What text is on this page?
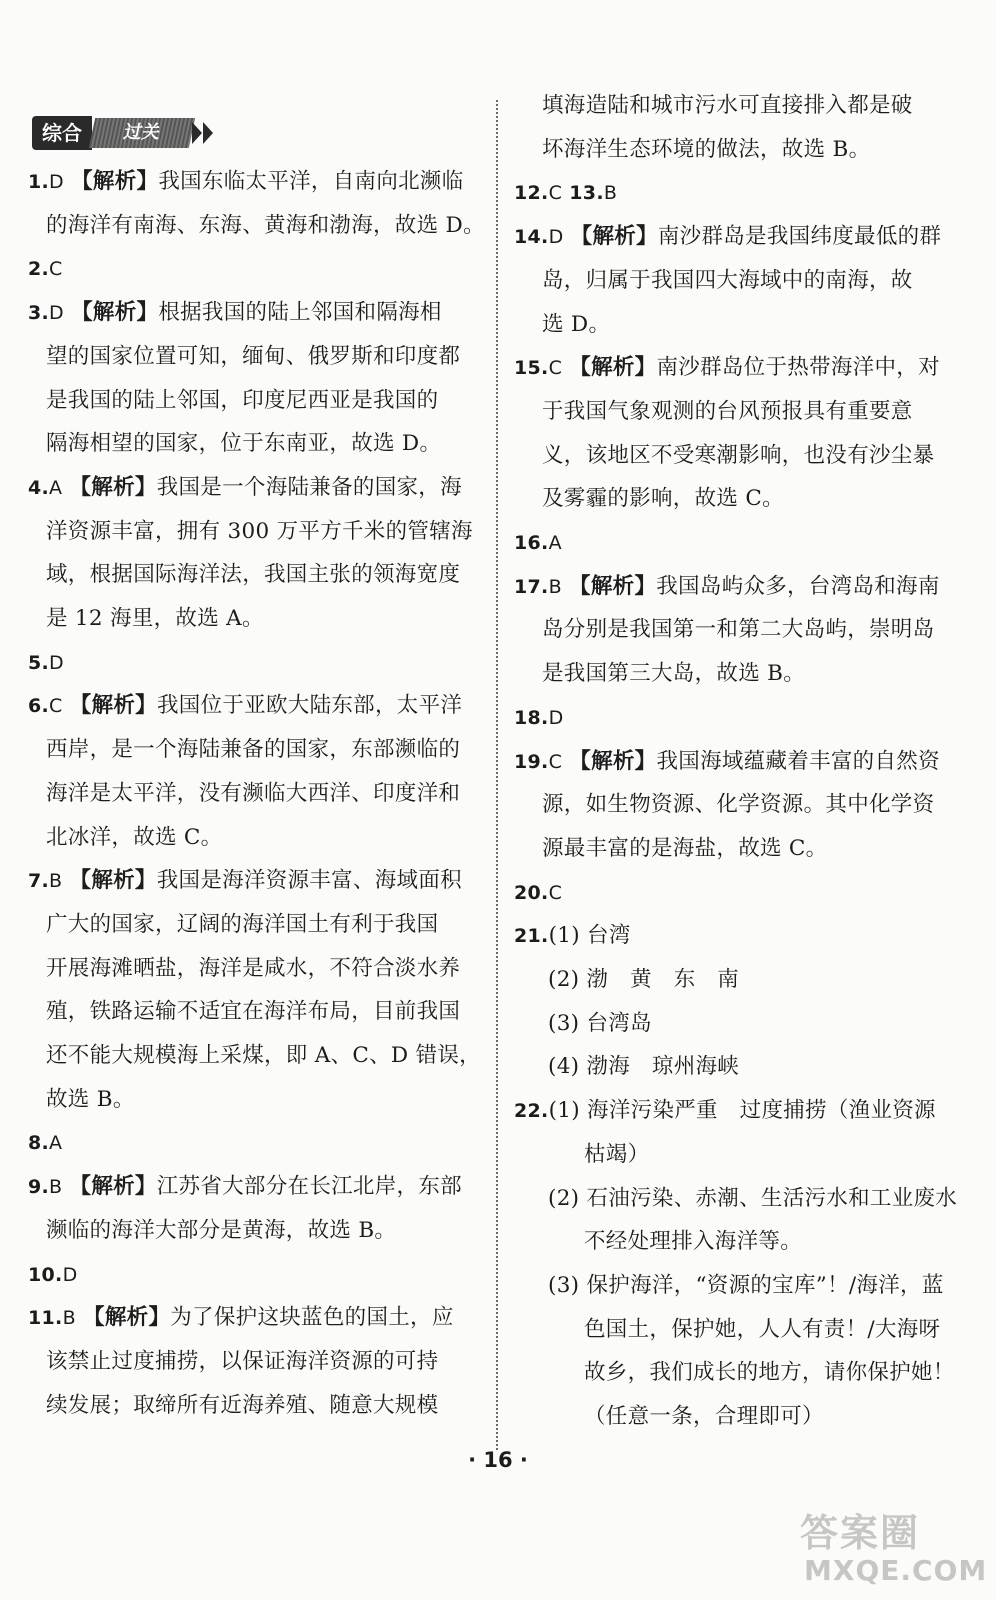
综合	过关
1.D 【解析】我国东临太平洋，自南向北濒临
的海洋有南海、东海、黄海和渤海，故选 D。
2.C
3.D 【解析】根据我国的陆上邻国和隔海相
望的国家位置可知，缅甸、俄罗斯和印度都
是我国的陆上邻国，印度尼西亚是我国的
隔海相望的国家，位于东南亚，故选 D。
4.A 【解析】我国是一个海陆兼备的国家，海
洋资源丰富，拥有 300 万平方千米的管辖海
域，根据国际海洋法，我国主张的领海宽度
是 12 海里，故选 A。
5.D
6.C 【解析】我国位于亚欧大陆东部，太平洋
西岸，是一个海陆兼备的国家，东部濒临的
海洋是太平洋，没有濒临大西洋、印度洋和
北冰洋，故选 C。
7.B 【解析】我国是海洋资源丰富、海域面积
广大的国家，辽阔的海洋国土有利于我国
开展海滩晒盐，海洋是咸水，不符合淡水养
殖，铁路运输不适宜在海洋布局，目前我国
还不能大规模海上采煤，即 A、C、D 错误，
故选 B。
8.A
9.B 【解析】江苏省大部分在长江北岸，东部
濒临的海洋大部分是黄海，故选 B。
10.D
11.B 【解析】为了保护这块蓝色的国土，应
该禁止过度捕捞，以保证海洋资源的可持
续发展；取缔所有近海养殖、随意大规模
填海造陆和城市污水可直接排入都是破
坏海洋生态环境的做法，故选 B。
12.C 13.B
14.D 【解析】南沙群岛是我国纬度最低的群
岛，归属于我国四大海域中的南海，故
选 D。
15.C 【解析】南沙群岛位于热带海洋中，对
于我国气象观测的台风预报具有重要意
义，该地区不受寒潮影响，也没有沙尘暴
及雾霾的影响，故选 C。
16.A
17.B 【解析】我国岛屿众多，台湾岛和海南
岛分别是我国第一和第二大岛屿，崇明岛
是我国第三大岛，故选 B。
18.D
19.C 【解析】我国海域蕴藏着丰富的自然资
源，如生物资源、化学资源。其中化学资
源最丰富的是海盐，故选 C。
20.C
21.(1) 台湾
(2) 渤　黄　东　南
(3) 台湾岛
(4) 渤海　琼州海峡
22.(1) 海洋污染严重　过度捕捞（渔业资源
枯竭）
(2) 石油污染、赤潮、生活污水和工业废水
不经处理排入海洋等。
(3) 保护海洋，“资源的宝库”！/海洋，蓝
色国土，保护她，人人有责！/大海呀
故乡，我们成长的地方，请你保护她！
（任意一条，合理即可）
· 16 ·
答案圈
MXQE.COM
